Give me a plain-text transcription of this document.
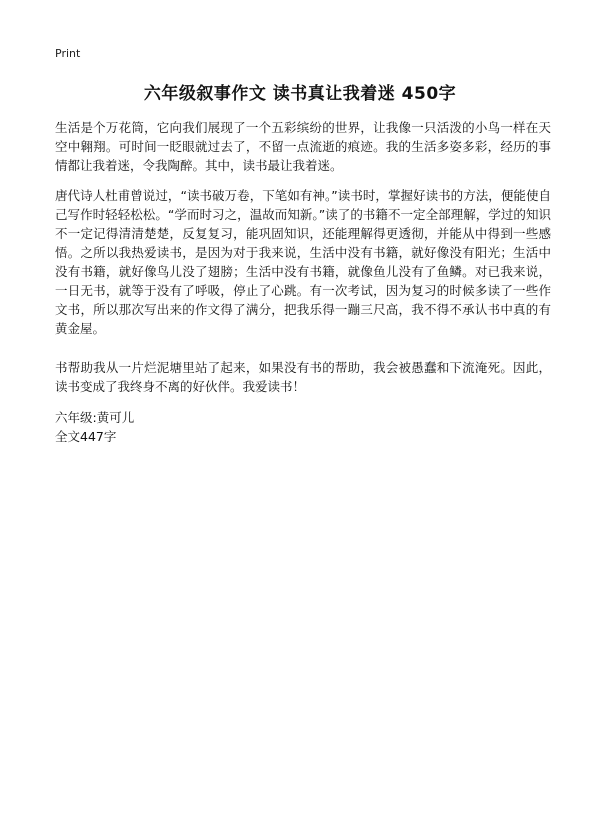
Print
六年级叙事作文 读书真让我着迷 450字
生活是个万花筒，它向我们展现了一个五彩缤纷的世界，让我像一只活泼的小鸟一样在天空中翱翔。可时间一眨眼就过去了，不留一点流逝的痕迹。我的生活多姿多彩，经历的事情都让我着迷，令我陶醉。其中，读书最让我着迷。
唐代诗人杜甫曾说过，“读书破万卷，下笔如有神。”读书时，掌握好读书的方法，便能使自己写作时轻轻松松。“学而时习之，温故而知新。”读了的书籍不一定全部理解，学过的知识不一定记得清清楚楚，反复复习，能巩固知识，还能理解得更透彻，并能从中得到一些感悟。之所以我热爱读书，是因为对于我来说，生活中没有书籍，就好像没有阳光；生活中没有书籍，就好像鸟儿没了翅膀；生活中没有书籍，就像鱼儿没有了鱼鳞。对已我来说，一日无书，就等于没有了呼吸，停止了心跳。有一次考试，因为复习的时候多读了一些作文书，所以那次写出来的作文得了满分，把我乐得一蹦三尺高，我不得不承认书中真的有黄金屋。
书帮助我从一片烂泥塘里站了起来，如果没有书的帮助，我会被愚蠢和下流淹死。因此，读书变成了我终身不离的好伙伴。我爱读书！
六年级:黄可儿
全文447字
